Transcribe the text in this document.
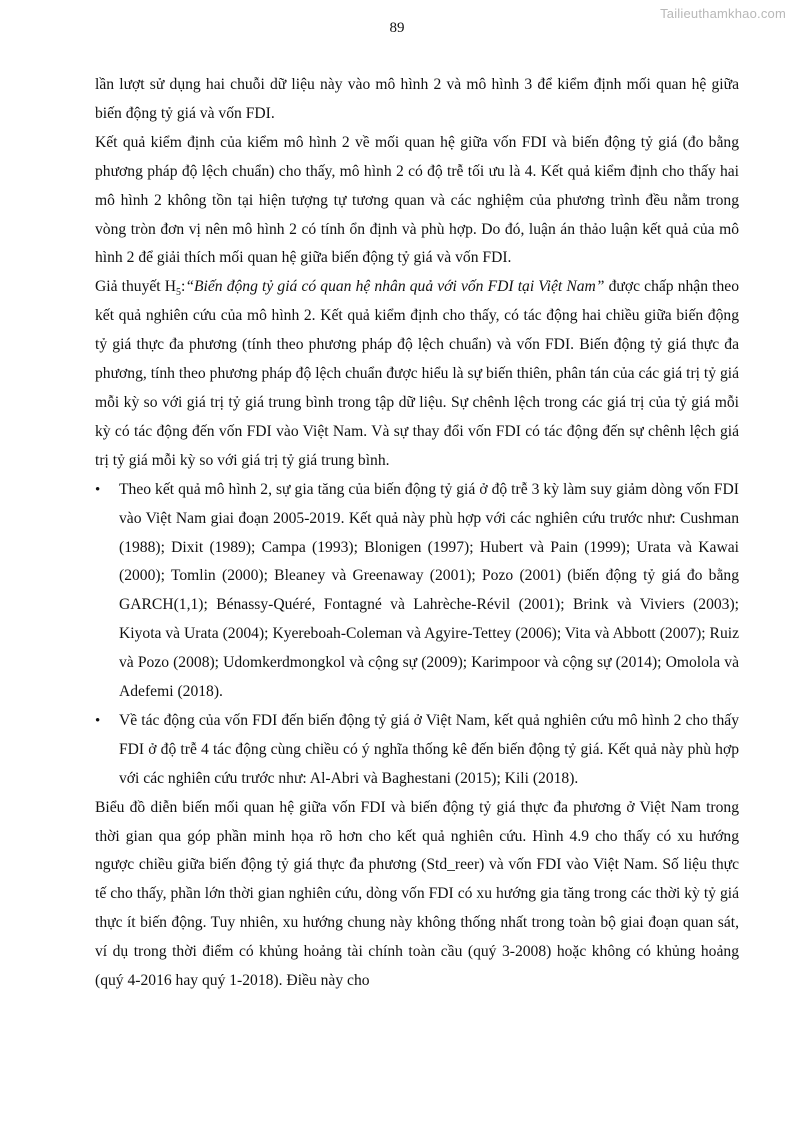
Tailieuthamkhao.com
89

lần lượt sử dụng hai chuỗi dữ liệu này vào mô hình 2 và mô hình 3 để kiểm định mối quan hệ giữa biến động tỷ giá và vốn FDI.

Kết quả kiểm định của kiểm mô hình 2 về mối quan hệ giữa vốn FDI và biến động tỷ giá (đo bằng phương pháp độ lệch chuẩn) cho thấy, mô hình 2 có độ trễ tối ưu là 4. Kết quả kiểm định cho thấy hai mô hình 2 không tồn tại hiện tượng tự tương quan và các nghiệm của phương trình đều nằm trong vòng tròn đơn vị nên mô hình 2 có tính ổn định và phù hợp. Do đó, luận án thảo luận kết quả của mô hình 2 để giải thích mối quan hệ giữa biến động tỷ giá và vốn FDI.

Giả thuyết $H_5:“Biến$ động tỷ giá có quan hệ nhân quả với vốn FDI tại Việt Nam” được chấp nhận theo kết quả nghiên cứu của mô hình 2. Kết quả kiểm định cho thấy, có tác động hai chiều giữa biến động tỷ giá thực đa phương (tính theo phương pháp độ lệch chuẩn) và vốn FDI. Biến động tỷ giá thực đa phương, tính theo phương pháp độ lệch chuẩn được hiểu là sự biến thiên, phân tán của các giá trị tỷ giá mỗi kỳ so với giá trị tỷ giá trung bình trong tập dữ liệu. Sự chênh lệch trong các giá trị của tỷ giá mỗi kỳ có tác động đến vốn FDI vào Việt Nam. Và sự thay đổi vốn FDI có tác động đến sự chênh lệch giá trị tỷ giá mỗi kỳ so với giá trị tỷ giá trung bình.

• Theo kết quả mô hình 2, sự gia tăng của biến động tỷ giá ở độ trễ 3 kỳ làm suy giảm dòng vốn FDI vào Việt Nam giai đoạn 2005-2019. Kết quả này phù hợp với các nghiên cứu trước như: Cushman (1988); Dixit (1989); Campa (1993); Blonigen (1997); Hubert và Pain (1999); Urata và Kawai (2000); Tomlin (2000); Bleaney và Greenaway (2001); Pozo (2001) (biến động tỷ giá đo bằng GARCH(1,1); Bénassy-Quéré, Fontagné và Lahrèche-Révil (2001); Brink và Viviers (2003); Kiyota và Urata (2004); Kyereboah-Coleman và Agyire-Tettey (2006); Vita và Abbott (2007); Ruiz và Pozo (2008); Udomkerdmongkol và cộng sự (2009); Karimpoor và cộng sự (2014); Omolola và Adefemi (2018).
• Về tác động của vốn FDI đến biến động tỷ giá ở Việt Nam, kết quả nghiên cứu mô hình 2 cho thấy FDI ở độ trễ 4 tác động cùng chiều có ý nghĩa thống kê đến biến động tỷ giá. Kết quả này phù hợp với các nghiên cứu trước như: Al-Abri và Baghestani (2015); Kili (2018).

Biểu đồ diễn biến mối quan hệ giữa vốn FDI và biến động tỷ giá thực đa phương ở Việt Nam trong thời gian qua góp phần minh họa rõ hơn cho kết quả nghiên cứu. Hình 4.9 cho thấy có xu hướng ngược chiều giữa biến động tỷ giá thực đa phương (Std_reer) và vốn FDI vào Việt Nam. Số liệu thực tế cho thấy, phần lớn thời gian nghiên cứu, dòng vốn FDI có xu hướng gia tăng trong các thời kỳ tỷ giá thực ít biến động. Tuy nhiên, xu hướng chung này không thống nhất trong toàn bộ giai đoạn quan sát, ví dụ trong thời điểm có khủng hoảng tài chính toàn cầu (quý 3-2008) hoặc không có khủng hoảng (quý 4-2016 hay quý 1-2018). Điều này cho
